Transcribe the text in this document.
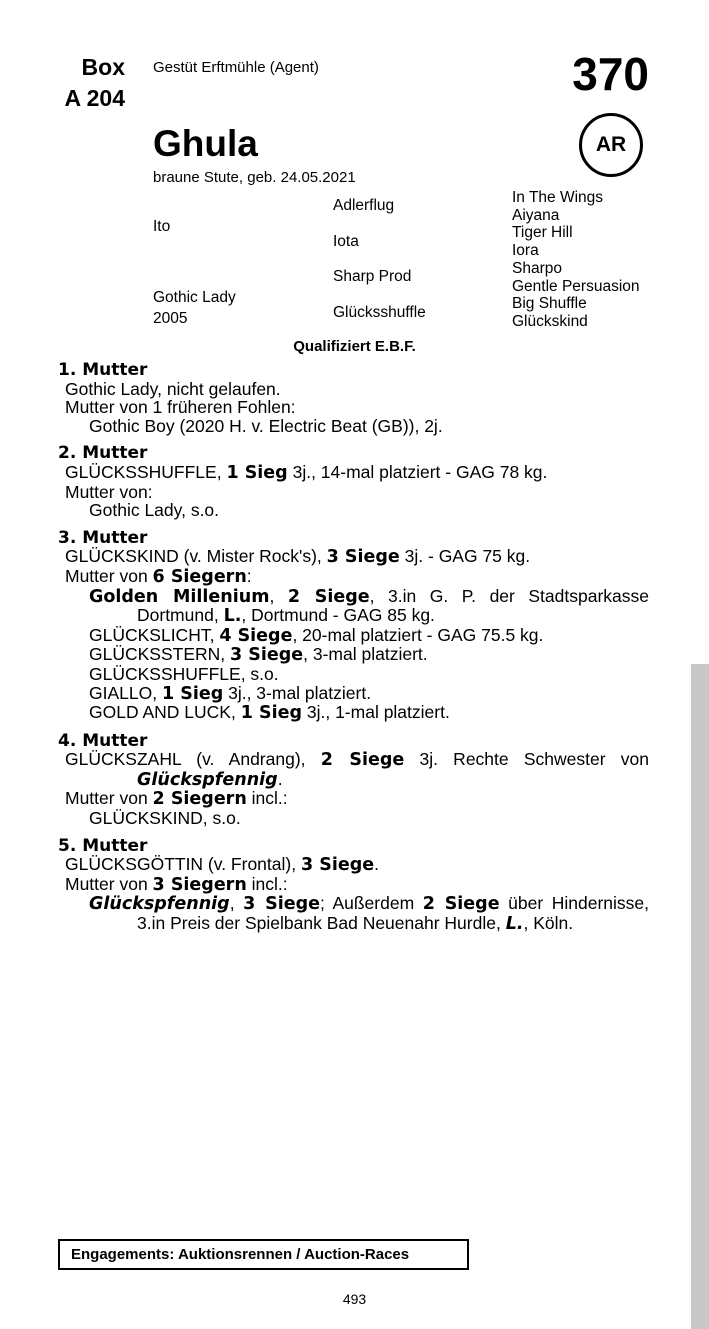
Box
A 204
Gestüt Erftmühle (Agent)	370
AR
Ghula
braune Stute, geb. 24.05.2021
Ito
Gothic Lady
2005
Adlerflug
Iota
Sharp Prod
Glücksshuffle
In The Wings
Aiyana
Tiger Hill
Iora
Sharpo
Gentle Persuasion
Big Shuffle
Glückskind
Qualifiziert E.B.F.
1. Mutter
Gothic Lady, nicht gelaufen.
Mutter von 1 früheren Fohlen:
Gothic Boy (2020 H. v. Electric Beat (GB)), 2j.
2. Mutter
GLÜCKSSHUFFLE, 1 Sieg 3j., 14-mal platziert - GAG 78 kg.
Mutter von:
Gothic Lady, s.o.
3. Mutter
GLÜCKSKIND (v. Mister Rock's), 3 Siege 3j. - GAG 75 kg.
Mutter von 6 Siegern:
Golden Millenium, 2 Siege, 3.in G. P. der Stadtsparkasse Dortmund, L., Dortmund - GAG 85 kg.
GLÜCKSLICHT, 4 Siege, 20-mal platziert - GAG 75.5 kg.
GLÜCKSSTERN, 3 Siege, 3-mal platziert.
GLÜCKSSHUFFLE, s.o.
GIALLO, 1 Sieg 3j., 3-mal platziert.
GOLD AND LUCK, 1 Sieg 3j., 1-mal platziert.
4. Mutter
GLÜCKSZAHL (v. Andrang), 2 Siege 3j. Rechte Schwester von Glückspfennig.
Mutter von 2 Siegern incl.:
GLÜCKSKIND, s.o.
5. Mutter
GLÜCKSGÖTTIN (v. Frontal), 3 Siege.
Mutter von 3 Siegern incl.:
Glückspfennig, 3 Siege; Außerdem 2 Siege über Hindernisse, 3.in Preis der Spielbank Bad Neuenahr Hurdle, L., Köln.
Engagements: Auktionsrennen / Auction-Races
493
